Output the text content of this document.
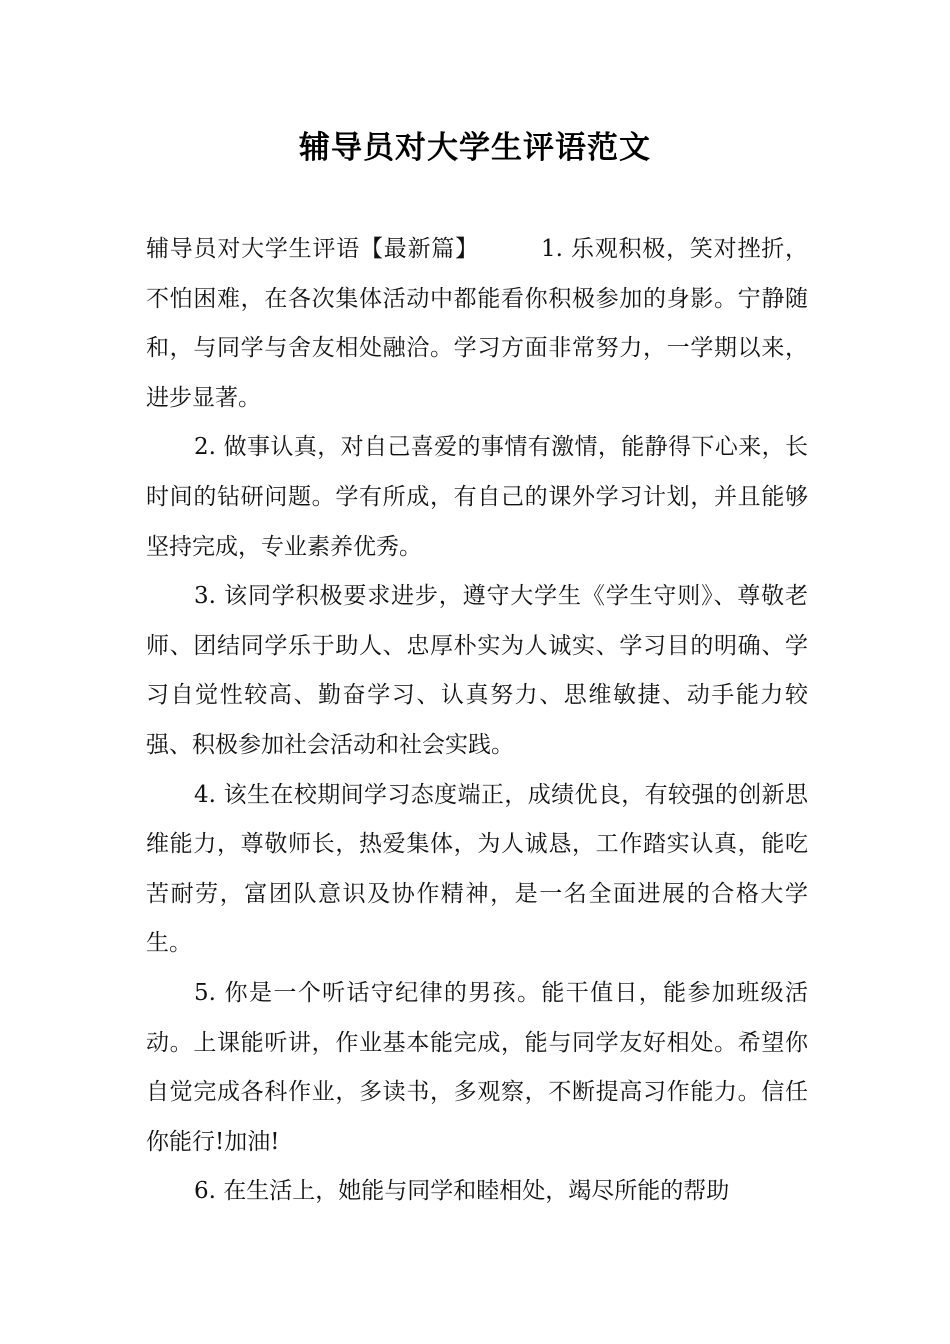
辅导员对大学生评语范文

辅导员对大学生评语【最新篇】	1. 乐观积极，笑对挫折，不怕困难，在各次集体活动中都能看你积极参加的身影。宁静随和，与同学与舍友相处融洽。学习方面非常努力，一学期以来，进步显著。

2. 做事认真，对自己喜爱的事情有激情，能静得下心来，长时间的钻研问题。学有所成，有自己的课外学习计划，并且能够坚持完成，专业素养优秀。

3. 该同学积极要求进步，遵守大学生《学生守则》、尊敬老师、团结同学乐于助人、忠厚朴实为人诚实、学习目的明确、学习自觉性较高、勤奋学习、认真努力、思维敏捷、动手能力较强、积极参加社会活动和社会实践。

4. 该生在校期间学习态度端正，成绩优良，有较强的创新思维能力，尊敬师长，热爱集体，为人诚恳，工作踏实认真，能吃苦耐劳，富团队意识及协作精神，是一名全面进展的合格大学生。

5. 你是一个听话守纪律的男孩。能干值日，能参加班级活动。上课能听讲，作业基本能完成，能与同学友好相处。希望你自觉完成各科作业，多读书，多观察，不断提高习作能力。信任你能行!加油!

6. 在生活上，她能与同学和睦相处，竭尽所能的帮助
